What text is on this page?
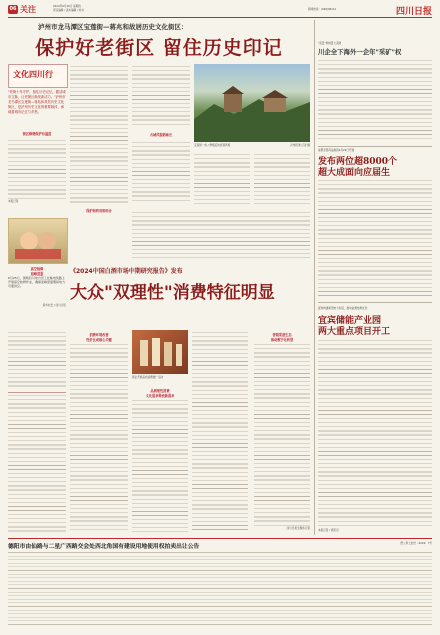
06 关注	2024年6月26日 星期四
责任编辑 / 美术编辑 / 校对	新闻热线：(028)96111	四川日报
泸州市龙马潭区宝莲街—蒋兆和故居历史文化街区：
保护好老街区 留住历史印记
文化四川行
"老街十年守护，留住历史记忆，激活城市文脉，让老街区焕发新活力。"泸州市龙马潭区宝莲街—蒋兆和故居历史文化街区，是泸州历史文化的重要载体，承载着城市记忆与乡愁。
街区修缮保护有温度	古城风貌韵味长
宝莲街一角 / 修缮后的街巷风貌	泸州报道 记者 摄
保护和利用相结合
本报记者
高空检修
迎峰度夏
6月25日，国网四川电力员工在输电线路上开展高空检修作业，确保迎峰度夏期间电力可靠供应。
新华社发 / 四川日报
《2024中国白酒市场中期研究报告》发布
大众"双理性"消费特征明显
"流量"再拼量大突破
川企全下海外一企年"采矿"权
成都至普洱汕航班6月22日开通
发布两位超8000个
超大成面向应届生
促进构建新型电力系统，推动能源结构优化
宜宾储能产业园
两大重点项目开工
本报记者 / 通讯员
消费环境改善
性价比成核心关键
酒企开展品质消费推广活动
品质理性消费
文化需求释放新需求
营销渠道生态
推动数字化转型
四川日报全媒体记者
德阳市由仙路与二星广西路交会处西北角国有建设用地使用权拍卖出让公告
德公资土拍告〔2024〕7号
